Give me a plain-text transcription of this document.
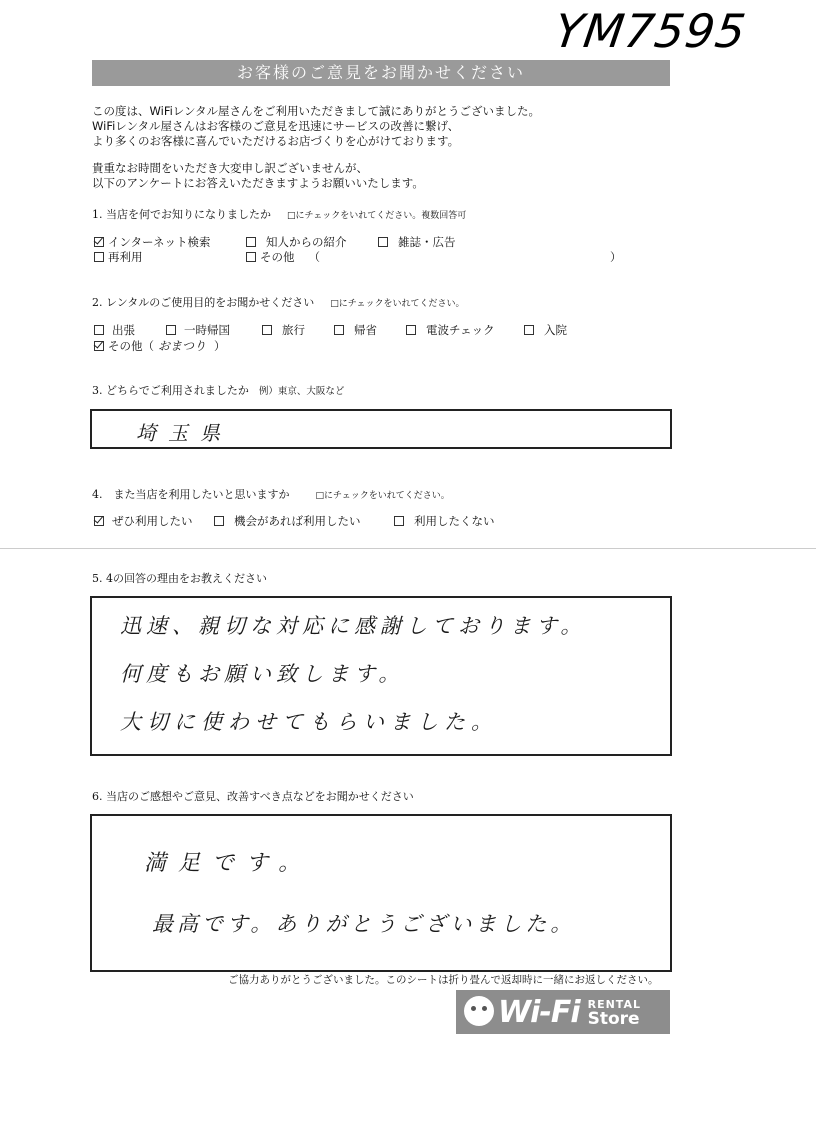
YM7595
お客様のご意見をお聞かせください

この度は、WiFiレンタル屋さんをご利用いただきまして誠にありがとうございました。

WiFiレンタル屋さんはお客様のご意見を迅速にサービスの改善に繋げ、

より多くのお客様に喜んでいただけるお店づくりを心がけております。

貴重なお時間をいただき大変申し訳ございませんが、

以下のアンケートにお答えいただきますようお願いいたします。

1. 当店を何でお知りになりましたか □にチェックをいれてください。複数回答可
インターネット検索	知人からの紹介	雑誌・広告
再利用	その他 （	）
2. レンタルのご使用目的をお聞かせください □にチェックをいれてください。
出張	一時帰国	旅行	帰省	電波チェック	入院
その他 （ おまつり ）
3. どちらでご利用されましたか 例）東京、大阪など
埼玉県
4.　また当店を利用したいと思いますか	□にチェックをいれてください。
ぜひ利用したい	機会があれば利用したい	利用したくない
5. 4の回答の理由をお教えください
迅速、親切な対応に感謝しております。
何度もお願い致します。
大切に使わせてもらいました。
6. 当店のご感想やご意見、改善すべき点などをお聞かせください
満足です。
最高です。ありがとうございました。
ご協力ありがとうございました。このシートは折り畳んで返却時に一緒にお返しください。
Wi-Fi RENTAL
Store
